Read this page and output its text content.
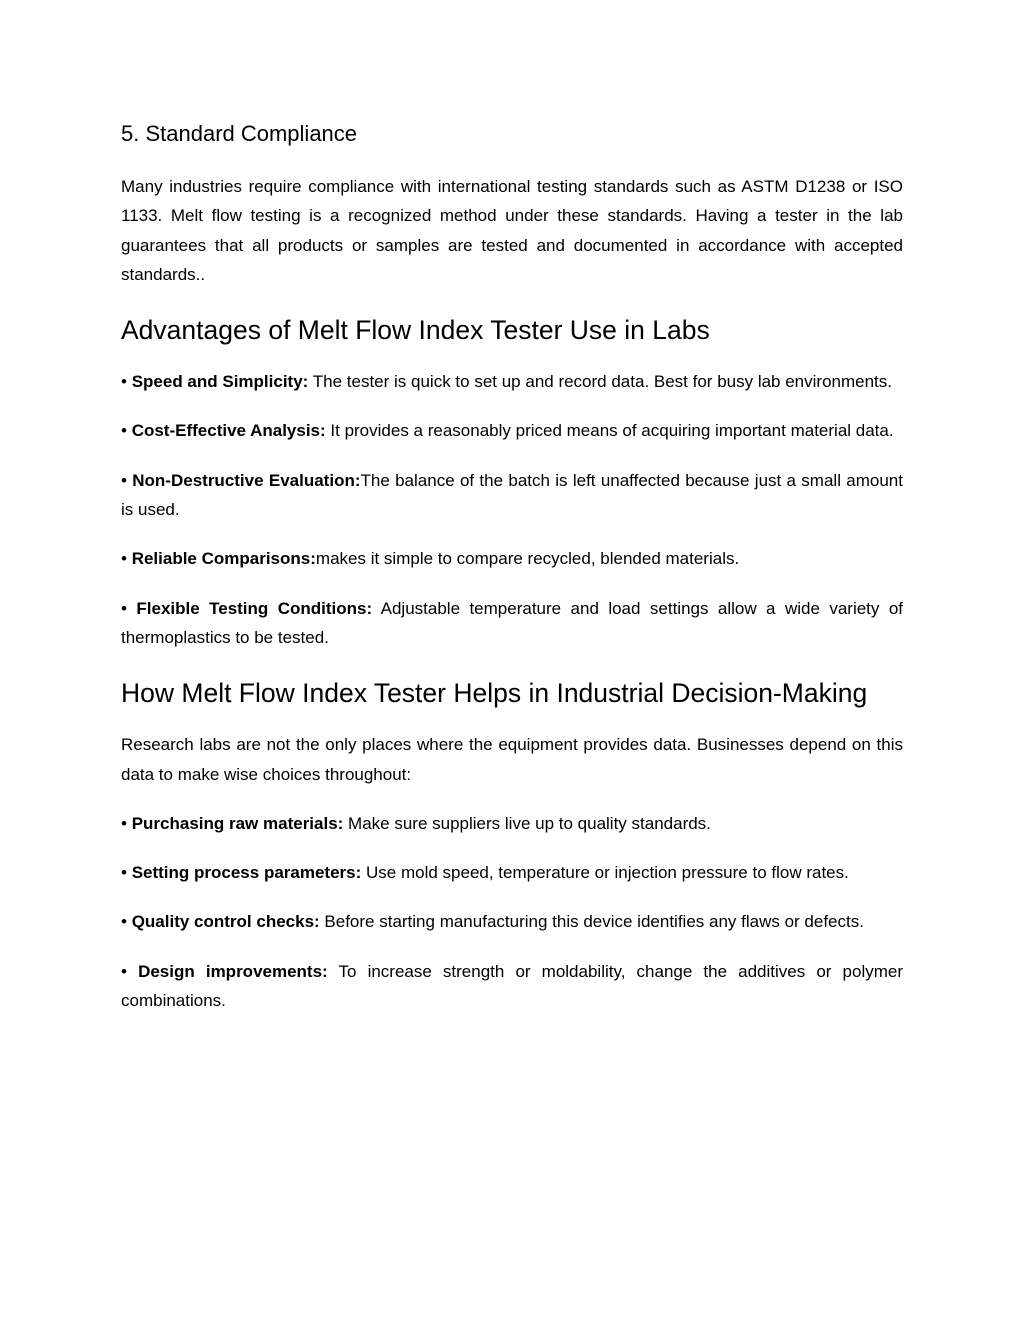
5. Standard Compliance

Many industries require compliance with international testing standards such as ASTM D1238 or ISO 1133. Melt flow testing is a recognized method under these standards. Having a tester in the lab guarantees that all products or samples are tested and documented in accordance with accepted standards..

Advantages of Melt Flow Index Tester Use in Labs

• Speed and Simplicity: The tester is quick to set up and record data. Best for busy lab environments.

• Cost-Effective Analysis: It provides a reasonably priced means of acquiring important material data.

• Non-Destructive Evaluation:The balance of the batch is left unaffected because just a small amount is used.

• Reliable Comparisons:makes it simple to compare recycled, blended materials.

• Flexible Testing Conditions: Adjustable temperature and load settings allow a wide variety of thermoplastics to be tested.

How Melt Flow Index Tester Helps in Industrial Decision-Making

Research labs are not the only places where the equipment provides data. Businesses depend on this data to make wise choices throughout:

• Purchasing raw materials: Make sure suppliers live up to quality standards.

• Setting process parameters: Use mold speed, temperature or injection pressure to flow rates.

• Quality control checks: Before starting manufacturing this device identifies any flaws or defects.

• Design improvements: To increase strength or moldability, change the additives or polymer combinations.
